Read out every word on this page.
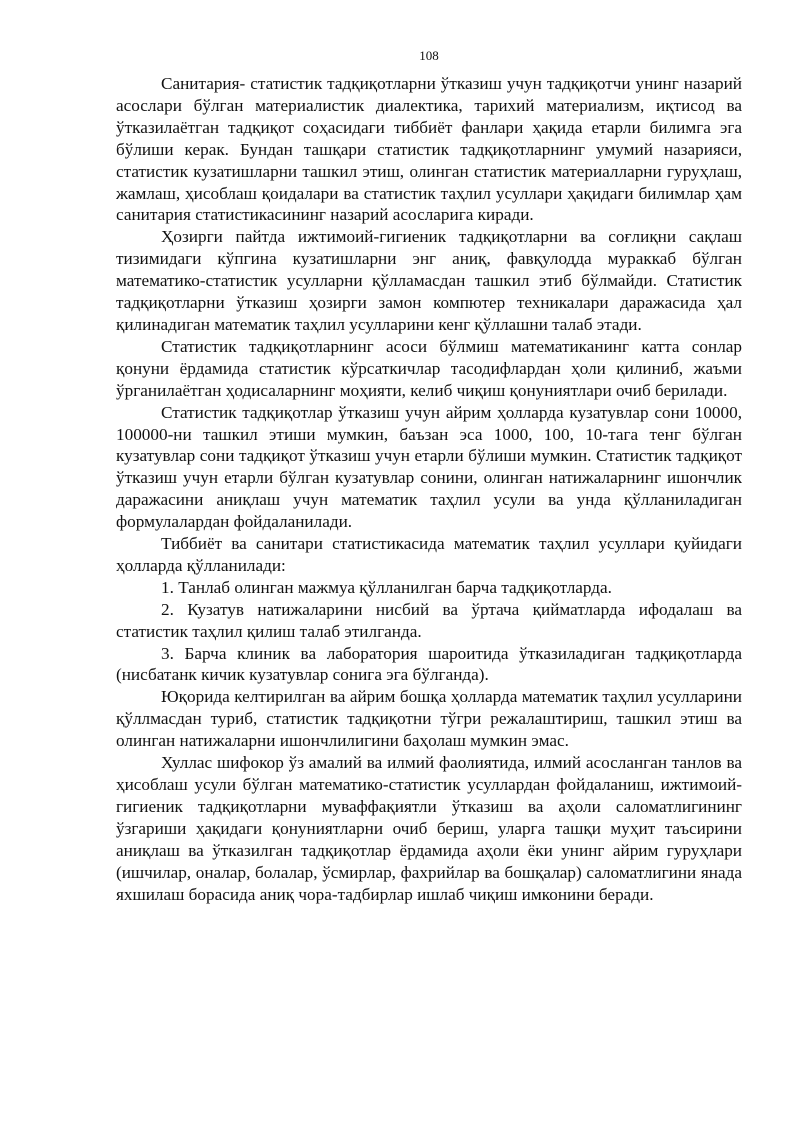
108

Санитария- статистик тадқиқотларни ўтказиш учун тадқиқотчи унинг назарий асослари бўлган материалистик диалектика, тарихий материализм, иқтисод ва ўтказилаётган тадқиқот соҳасидаги тиббиёт фанлари ҳақида етарли билимга эга бўлиши керак. Бундан ташқари статистик тадқиқотларнинг умумий назарияси, статистик кузатишларни ташкил этиш, олинган статистик материалларни гуруҳлаш, жамлаш, ҳисоблаш қоидалари ва статистик таҳлил усуллари ҳақидаги билимлар ҳам санитария статистикасининг назарий асосларига киради.

Ҳозирги пайтда ижтимоий-гигиеник тадқиқотларни ва соғлиқни сақлаш тизимидаги кўпгина кузатишларни энг аниқ, фавқулодда мураккаб бўлган математико-статистик усулларни қўлламасдан ташкил этиб бўлмайди. Статистик тадқиқотларни ўтказиш ҳозирги замон компютер техникалари даражасида ҳал қилинадиган математик таҳлил усулларини кенг қўллашни талаб этади.

Статистик тадқиқотларнинг асоси бўлмиш математиканинг катта сонлар қонуни ёрдамида статистик кўрсаткичлар тасодифлардан ҳоли қилиниб, жаъми ўрганилаётган ҳодисаларнинг моҳияти, келиб чиқиш қонуниятлари очиб берилади.

Статистик тадқиқотлар ўтказиш учун айрим ҳолларда кузатувлар сони 10000, 100000-ни ташкил этиши мумкин, баъзан эса 1000, 100, 10-тага тенг бўлган кузатувлар сони тадқиқот ўтказиш учун етарли бўлиши мумкин. Статистик тадқиқот ўтказиш учун етарли бўлган кузатувлар сонини, олинган натижаларнинг ишончлик даражасини аниқлаш учун математик таҳлил усули ва унда қўлланиладиган формулалардан фойдаланилади.

Тиббиёт ва санитари статистикасида математик таҳлил усуллари қуйидаги ҳолларда қўлланилади:

1. Танлаб олинган мажмуа қўлланилган барча тадқиқотларда.

2. Кузатув натижаларини нисбий ва ўртача қийматларда ифодалаш ва статистик таҳлил қилиш талаб этилганда.

3. Барча клиник ва лаборатория шароитида ўтказиладиган тадқиқотларда (нисбатанк кичик кузатувлар сонига эга бўлганда).

Юқорида келтирилган ва айрим бошқа ҳолларда математик таҳлил усулларини қўллмасдан туриб, статистик тадқиқотни тўгри режалаштириш, ташкил этиш ва олинган натижаларни ишончлилигини баҳолаш мумкин эмас.

Хуллас шифокор ўз амалий ва илмий фаолиятида, илмий асосланган танлов ва ҳисоблаш усули бўлган математико-статистик усуллардан фойдаланиш, ижтимоий-гигиеник тадқиқотларни муваффақиятли ўтказиш ва аҳоли саломатлигининг ўзгариши ҳақидаги қонуниятларни очиб бериш, уларга ташқи муҳит таъсирини аниқлаш ва ўтказилган тадқиқотлар ёрдамида аҳоли ёки унинг айрим гуруҳлари (ишчилар, оналар, болалар, ўсмирлар, фахрийлар ва бошқалар) саломатлигини янада яхшилаш борасида аниқ чора-тадбирлар ишлаб чиқиш имконини беради.
